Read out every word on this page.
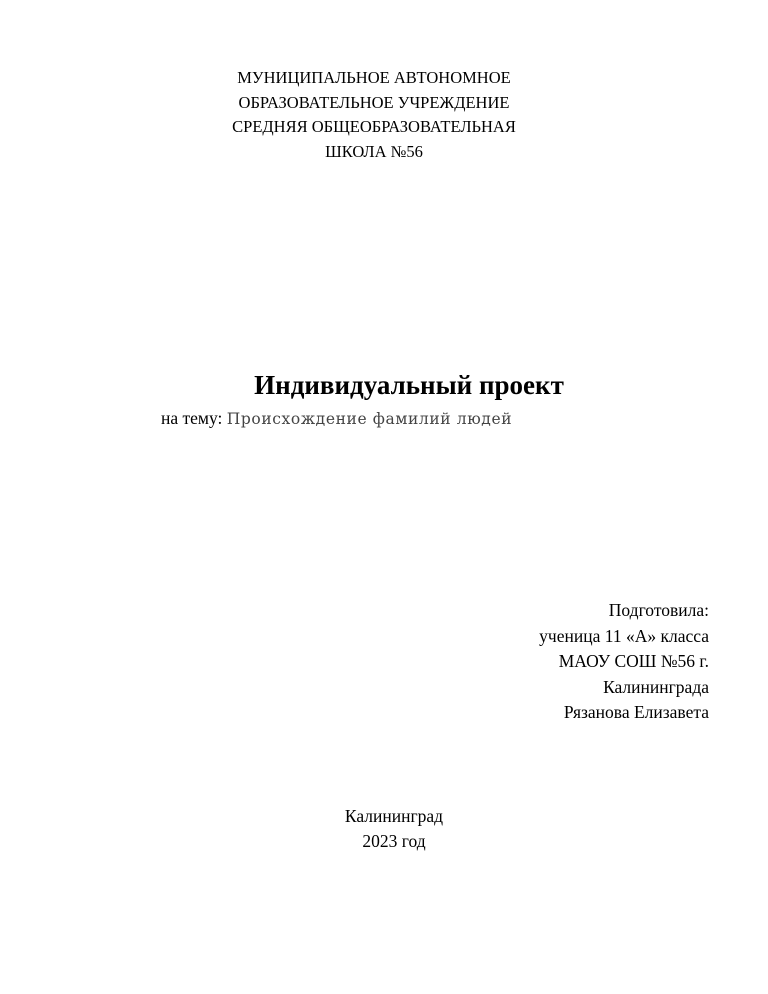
МУНИЦИПАЛЬНОЕ АВТОНОМНОЕ
ОБРАЗОВАТЕЛЬНОЕ УЧРЕЖДЕНИЕ
СРЕДНЯЯ ОБЩЕОБРАЗОВАТЕЛЬНАЯ
ШКОЛА №56
Индивидуальный проект
на тему: Происхождение фамилий людей
Подготовила:
ученица 11 «А» класса
МАОУ СОШ №56 г.
Калининграда
Рязанова Елизавета
Калининград
2023 год
